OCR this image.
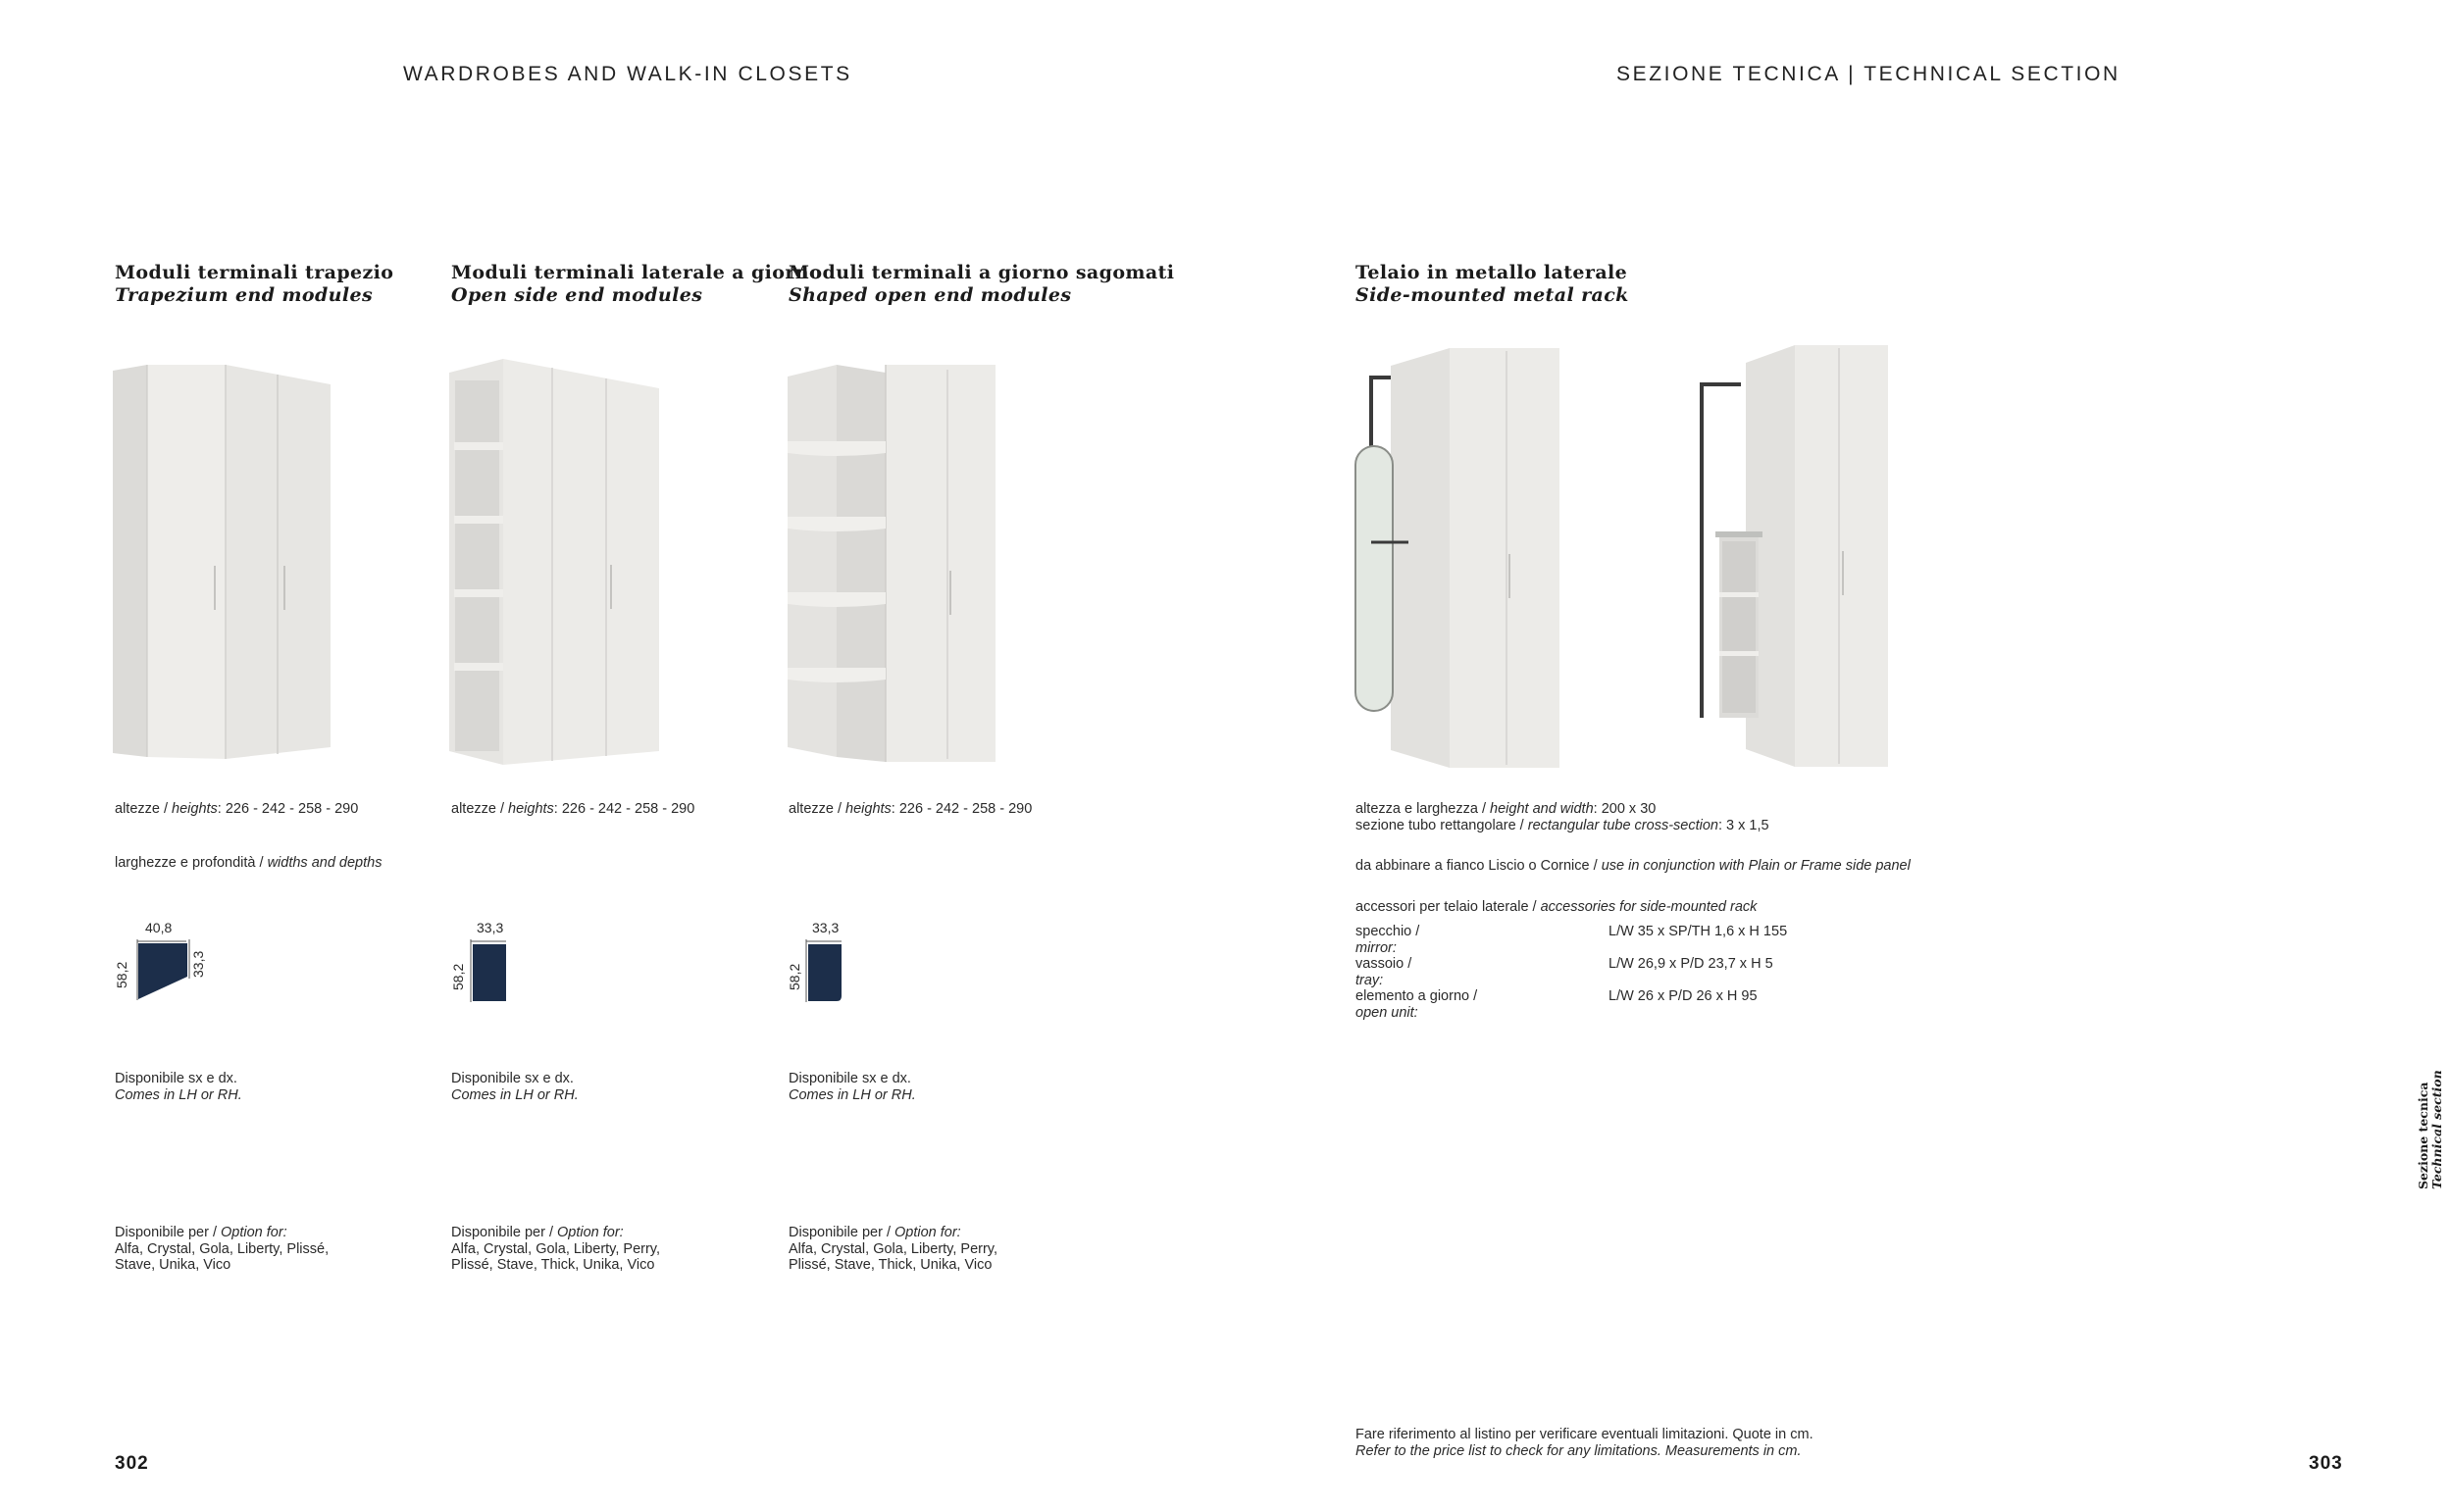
WARDROBES AND WALK-IN CLOSETS	SEZIONE TECNICA | TECHNICAL SECTION
Moduli terminali trapezio
Trapezium end modules
Moduli terminali laterale a giorno
Open side end modules
Moduli terminali a giorno sagomati
Shaped open end modules
Telaio in metallo laterale
Side-mounted metal rack
altezze / heights: 226 - 242 - 258 - 290	altezze / heights: 226 - 242 - 258 - 290	altezze / heights: 226 - 242 - 258 - 290
larghezze e profondità / widths and depths
altezza e larghezza / height and width: 200 x 30
sezione tubo rettangolare / rectangular tube cross-section: 3 x 1,5
da abbinare a fianco Liscio o Cornice / use in conjunction with Plain or Frame side panel
accessori per telaio laterale / accessories for side-mounted rack
specchio /mirror:
L/W 35 x SP/TH 1,6 x H 155
vassoio /tray:
L/W 26,9 x P/D 23,7 x H 5
elemento a giorno /open unit:
L/W 26 x P/D 26 x H 95
40,8
58,2	33,3
33,3
58,2
33,3
58,2
Disponibile sx e dx.
Comes in LH or RH.
Disponibile sx e dx.
Comes in LH or RH.
Disponibile sx e dx.
Comes in LH or RH.
Disponibile per / Option for:
Alfa, Crystal, Gola, Liberty, Plissé,
Stave, Unika, Vico
Disponibile per / Option for:
Alfa, Crystal, Gola, Liberty, Perry,
Plissé, Stave, Thick, Unika, Vico
Disponibile per / Option for:
Alfa, Crystal, Gola, Liberty, Perry,
Plissé, Stave, Thick, Unika, Vico
Fare riferimento al listino per verificare eventuali limitazioni. Quote in cm.
Refer to the price list to check for any limitations. Measurements in cm.
302	303
Sezione tecnica Technical section
